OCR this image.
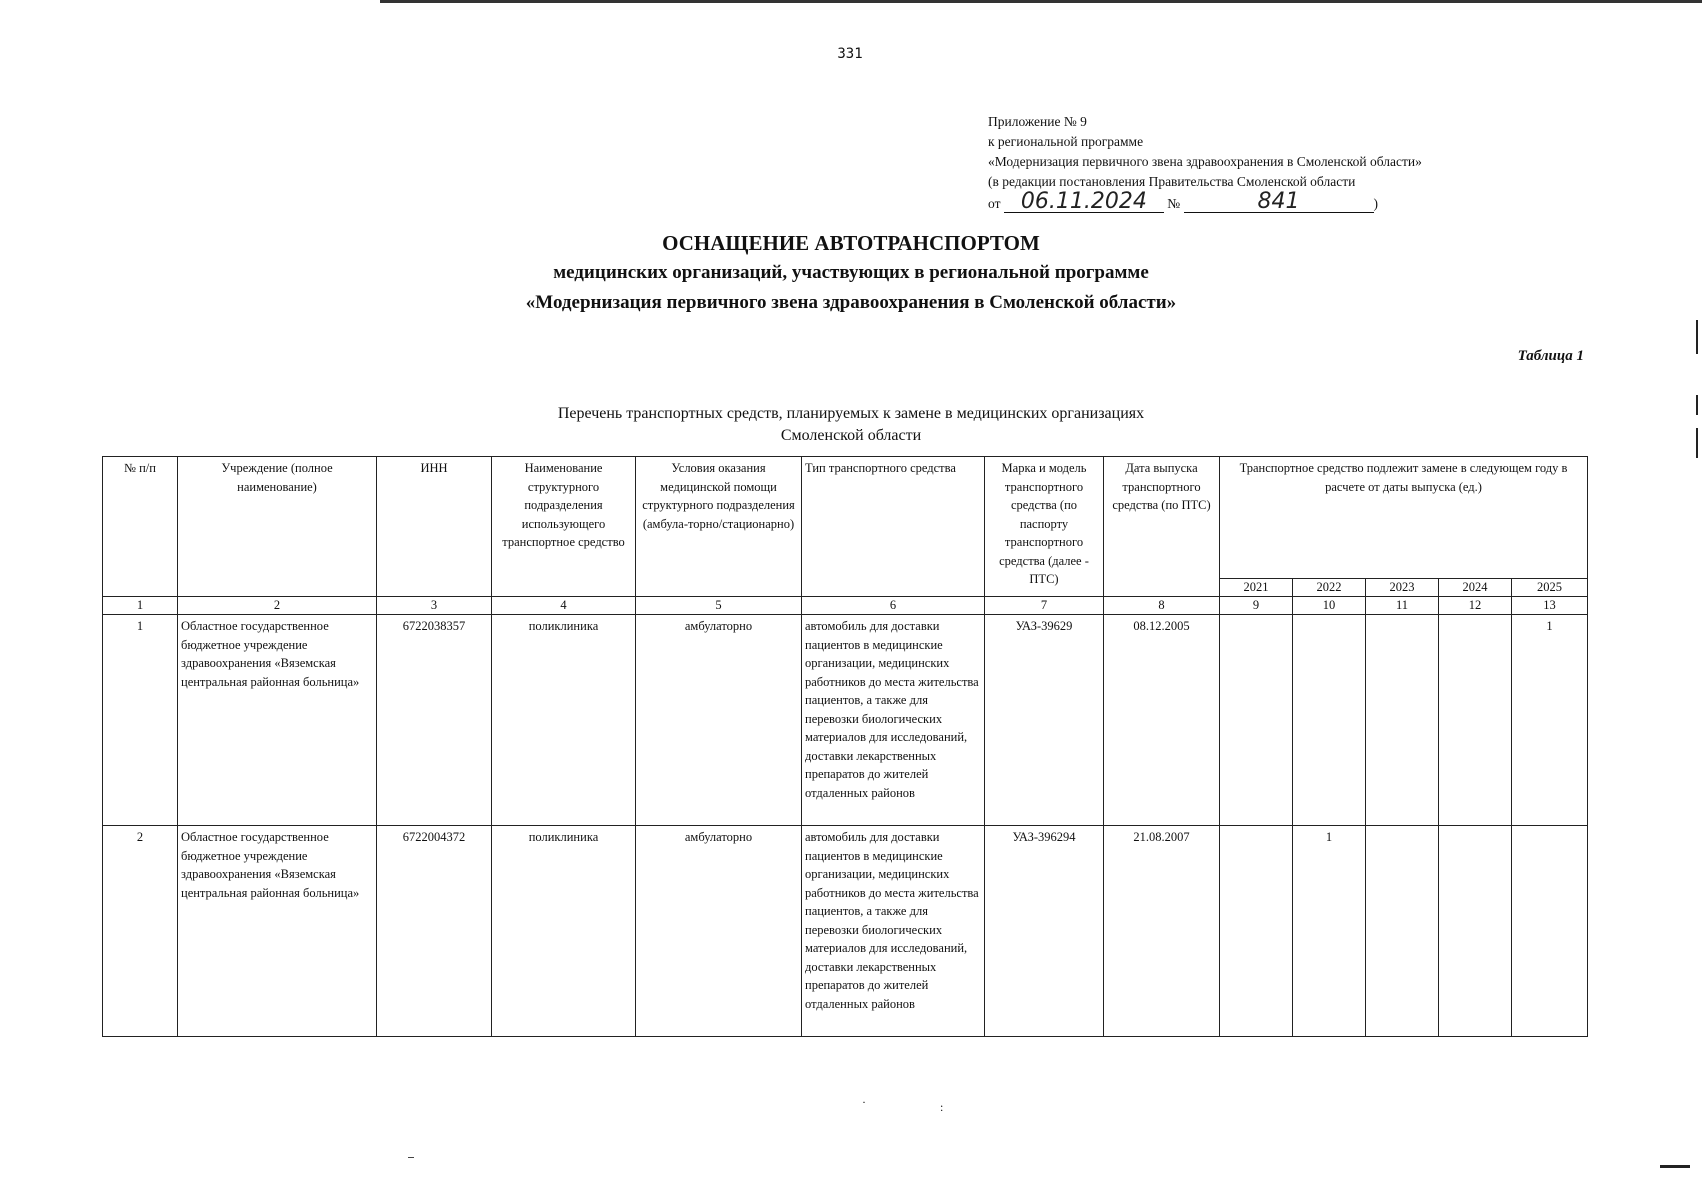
331
Приложение № 9
к региональной программе
«Модернизация первичного звена здравоохранения в Смоленской области»
(в редакции постановления Правительства Смоленской области
от 06.11.2024 №	841	)
ОСНАЩЕНИЕ АВТОТРАНСПОРТОМ
медицинских организаций, участвующих в региональной программе
«Модернизация первичного звена здравоохранения в Смоленской области»
Таблица 1
Перечень транспортных средств, планируемых к замене в медицинских организациях
Смоленской области
№ п/п	Учреждение (полное наименование)	ИНН	Наименование структурного подразделения использующего транспортное средство	Условия оказания медицинской помощи структурного подразделения (амбула-торно/стационарно)	Тип транспортного средства	Марка и модель транспортного средства (по паспорту транспортного средства (далее - ПТС)	Дата выпуска транспортного средства (по ПТС)	Транспортное средство подлежит замене в следующем году в расчете от даты выпуска (ед.)				
								2021	2022	2023	2024	2025
1	2	3	4	5	6	7	8	9	10	11	12	13
1	Областное государственное бюджетное учреждение здравоохранения «Вяземская центральная районная больница»	6722038357	поликлиника	амбулаторно	автомобиль для доставки пациентов в медицинские организации, медицинских работников до места жительства пациентов, а также для перевозки биологических материалов для исследований, доставки лекарственных препаратов до жителей отдаленных районов	УАЗ-39629	08.12.2005					1
2	Областное государственное бюджетное учреждение здравоохранения «Вяземская центральная районная больница»	6722004372	поликлиника	амбулаторно	автомобиль для доставки пациентов в медицинские организации, медицинских работников до места жительства пациентов, а также для перевозки биологических материалов для исследований, доставки лекарственных препаратов до жителей отдаленных районов	УАЗ-396294	21.08.2007		1			
·	:
